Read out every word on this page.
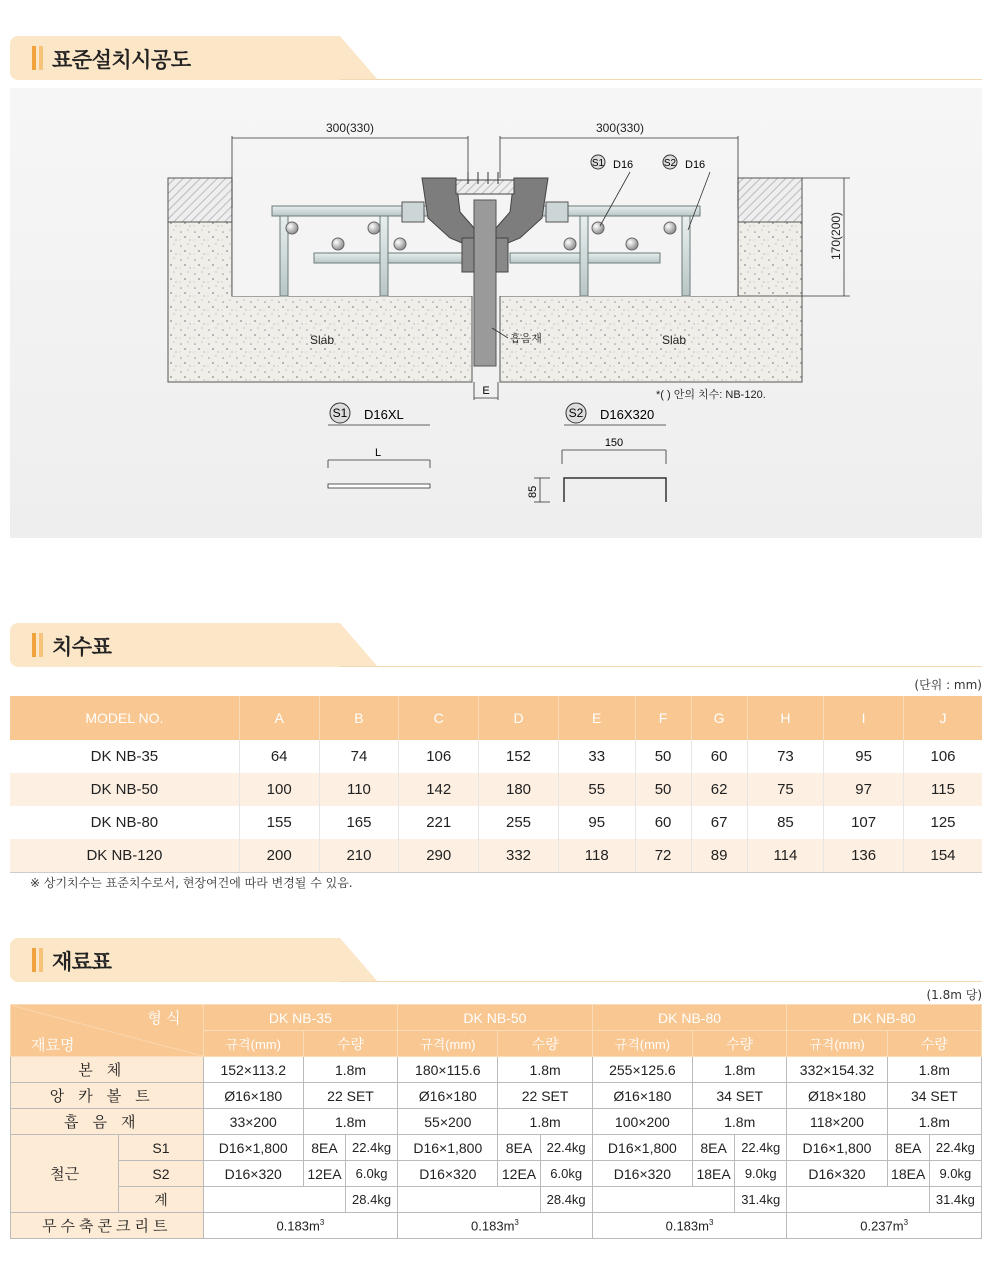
표준설치시공도
300(330)	300(330)
170(200)
S1 D16	S2 D16
Slab	Slab
흡음재
E	*( ) 안의 치수: NB-120.
S1 D16XL
L
S2 D16X320
150
85
치수표
(단위 : mm)
MODEL NO.	A	B	C	D	E	F	G	H	I	J
DK NB-35	64	74	106	152	33	50	60	73	95	106
DK NB-50	100	110	142	180	55	50	62	75	97	115
DK NB-80	155	165	221	255	95	60	67	85	107	125
DK NB-120	200	210	290	332	118	72	89	114	136	154
※ 상기치수는 표준치수로서, 현장여건에 따라 변경될 수 있음.
재료표
(1.8m 당)
형 식
재료명		DK NB-35			DK NB-50			DK NB-80			DK NB-80		
		규격(mm)	수량		규격(mm)	수량		규격(mm)	수량		규격(mm)	수량	
본체		152×113.2	1.8m		180×115.6	1.8m		255×125.6	1.8m		332×154.32	1.8m	
앙카볼트		Ø16×180	22 SET		Ø16×180	22 SET		Ø16×180	34 SET		Ø18×180	34 SET	
흡음재		33×200	1.8m		55×200	1.8m		100×200	1.8m		118×200	1.8m	
철근	S1	D16×1,800	8EA	22.4kg	D16×1,800	8EA	22.4kg	D16×1,800	8EA	22.4kg	D16×1,800	8EA	22.4kg
	S2	D16×320	12EA	6.0kg	D16×320	12EA	6.0kg	D16×320	18EA	9.0kg	D16×320	18EA	9.0kg
	계			28.4kg			28.4kg			31.4kg			31.4kg
무수축콘크리트		$0.183m^3$			$0.183m^3$			$0.183m^3$			$0.237m^3$
